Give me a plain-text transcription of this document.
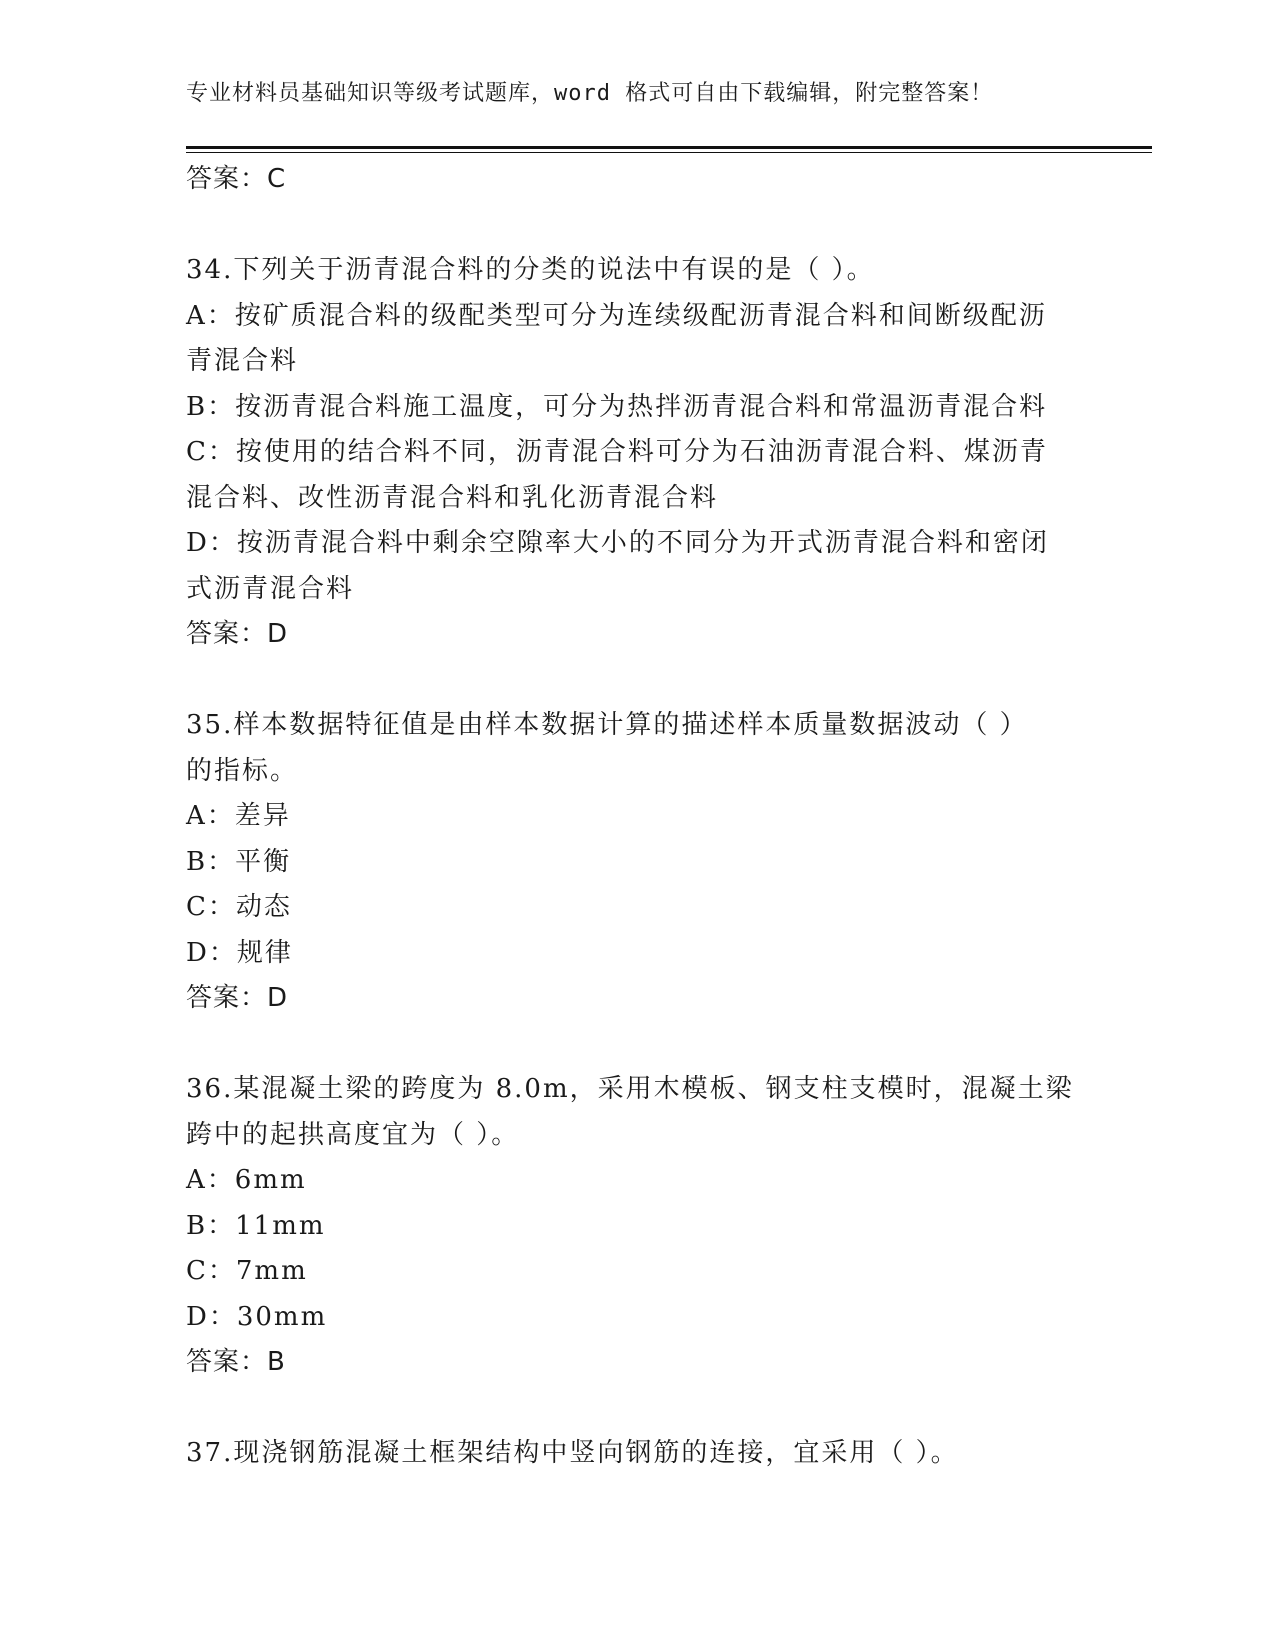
专业材料员基础知识等级考试题库，word 格式可自由下载编辑，附完整答案！
答案：C
34.下列关于沥青混合料的分类的说法中有误的是（ ）。
A：按矿质混合料的级配类型可分为连续级配沥青混合料和间断级配沥
青混合料
B：按沥青混合料施工温度，可分为热拌沥青混合料和常温沥青混合料
C：按使用的结合料不同，沥青混合料可分为石油沥青混合料、煤沥青
混合料、改性沥青混合料和乳化沥青混合料
D：按沥青混合料中剩余空隙率大小的不同分为开式沥青混合料和密闭
式沥青混合料
答案：D
35.样本数据特征值是由样本数据计算的描述样本质量数据波动（ ）
的指标。
A：差异
B：平衡
C：动态
D：规律
答案：D
36.某混凝土梁的跨度为 8.0m，采用木模板、钢支柱支模时，混凝土梁
跨中的起拱高度宜为（ ）。
A：6mm
B：11mm
C：7mm
D：30mm
答案：B
37.现浇钢筋混凝土框架结构中竖向钢筋的连接，宜采用（ ）。
